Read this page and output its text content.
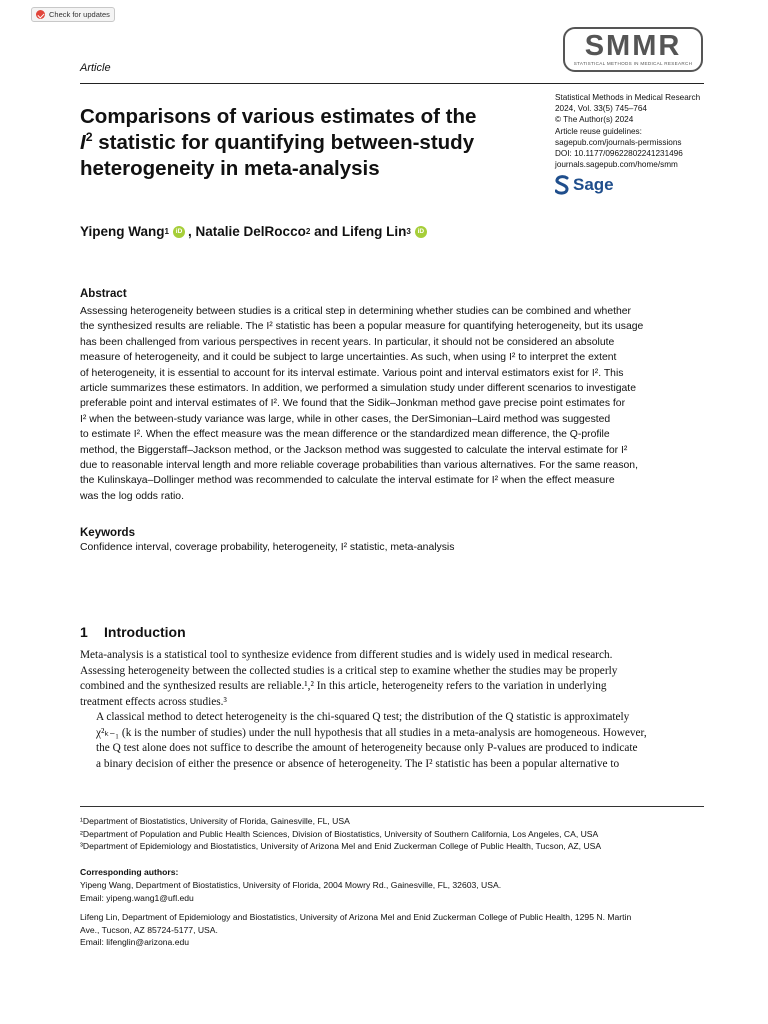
Check for updates
Article
SMMR
STATISTICAL METHODS IN MEDICAL RESEARCH
Comparisons of various estimates of the
$I^2$ statistic for quantifying between-study
heterogeneity in meta-analysis
Statistical Methods in Medical Research
2024, Vol. 33(5) 745–764
© The Author(s) 2024
Article reuse guidelines:
sagepub.com/journals-permissions
DOI: 10.1177/09622802241231496
journals.sagepub.com/home/smm
Sage
Yipeng Wang 1	iD , Natalie DelRocco 2 and Lifeng Lin 3	iD
Abstract
Assessing heterogeneity between studies is a critical step in determining whether studies can be combined and whether
the synthesized results are reliable. The I² statistic has been a popular measure for quantifying heterogeneity, but its usage
has been challenged from various perspectives in recent years. In particular, it should not be considered an absolute
measure of heterogeneity, and it could be subject to large uncertainties. As such, when using I² to interpret the extent
of heterogeneity, it is essential to account for its interval estimate. Various point and interval estimators exist for I². This
article summarizes these estimators. In addition, we performed a simulation study under different scenarios to investigate
preferable point and interval estimates of I². We found that the Sidik–Jonkman method gave precise point estimates for
I² when the between-study variance was large, while in other cases, the DerSimonian–Laird method was suggested
to estimate I². When the effect measure was the mean difference or the standardized mean difference, the Q-profile
method, the Biggerstaff–Jackson method, or the Jackson method was suggested to calculate the interval estimate for I²
due to reasonable interval length and more reliable coverage probabilities than various alternatives. For the same reason,
the Kulinskaya–Dollinger method was recommended to calculate the interval estimate for I² when the effect measure
was the log odds ratio.
Keywords
Confidence interval, coverage probability, heterogeneity, I² statistic, meta-analysis
1 Introduction
Meta-analysis is a statistical tool to synthesize evidence from different studies and is widely used in medical research.
Assessing heterogeneity between the collected studies is a critical step to examine whether the studies may be properly
combined and the synthesized results are reliable.¹,² In this article, heterogeneity refers to the variation in underlying
treatment effects across studies.³
A classical method to detect heterogeneity is the chi-squared Q test; the distribution of the Q statistic is approximately
χ²ₖ₋₁ (k is the number of studies) under the null hypothesis that all studies in a meta-analysis are homogeneous. However,
the Q test alone does not suffice to describe the amount of heterogeneity because only P-values are produced to indicate
a binary decision of either the presence or absence of heterogeneity. The I² statistic has been a popular alternative to
¹Department of Biostatistics, University of Florida, Gainesville, FL, USA
²Department of Population and Public Health Sciences, Division of Biostatistics, University of Southern California, Los Angeles, CA, USA
³Department of Epidemiology and Biostatistics, University of Arizona Mel and Enid Zuckerman College of Public Health, Tucson, AZ, USA
Corresponding authors:
Yipeng Wang, Department of Biostatistics, University of Florida, 2004 Mowry Rd., Gainesville, FL, 32603, USA.
Email: yipeng.wang1@ufl.edu
Lifeng Lin, Department of Epidemiology and Biostatistics, University of Arizona Mel and Enid Zuckerman College of Public Health, 1295 N. Martin
Ave., Tucson, AZ 85724-5177, USA.
Email: lifenglin@arizona.edu
